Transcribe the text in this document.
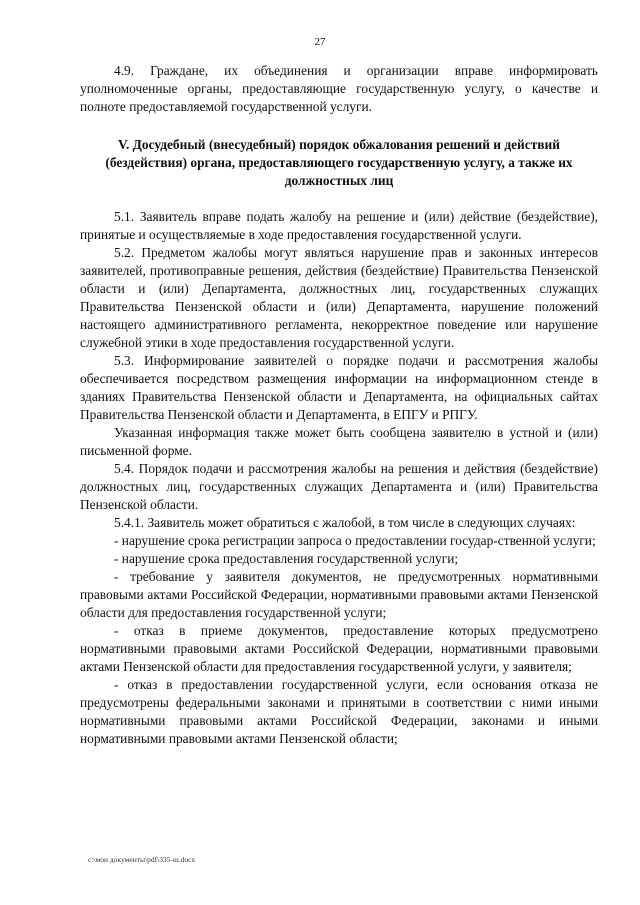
27

4.9. Граждане, их объединения и организации вправе информировать уполномоченные органы, предоставляющие государственную услугу, о качестве и полноте предоставляемой государственной услуги.

V. Досудебный (внесудебный) порядок обжалования решений и действий (бездействия) органа, предоставляющего государственную услугу, а также их должностных лиц

5.1. Заявитель вправе подать жалобу на решение и (или) действие (бездействие), принятые и осуществляемые в ходе предоставления государственной услуги.

5.2. Предметом жалобы могут являться нарушение прав и законных интересов заявителей, противоправные решения, действия (бездействие) Правительства Пензенской области и (или) Департамента, должностных лиц, государственных служащих Правительства Пензенской области и (или) Департамента, нарушение положений настоящего административного регламента, некорректное поведение или нарушение служебной этики в ходе предоставления государственной услуги.

5.3. Информирование заявителей о порядке подачи и рассмотрения жалобы обеспечивается посредством размещения информации на информационном стенде в зданиях Правительства Пензенской области и Департамента, на официальных сайтах Правительства Пензенской области и Департамента, в ЕПГУ и РПГУ.

Указанная информация также может быть сообщена заявителю в устной и (или) письменной форме.

5.4. Порядок подачи и рассмотрения жалобы на решения и действия (бездействие) должностных лиц, государственных служащих Департамента и (или) Правительства Пензенской области.

5.4.1. Заявитель может обратиться с жалобой, в том числе в следующих случаях:

- нарушение срока регистрации запроса о предоставлении государ-ственной услуги;

- нарушение срока предоставления государственной услуги;

- требование у заявителя документов, не предусмотренных нормативными правовыми актами Российской Федерации, нормативными правовыми актами Пензенской области для предоставления государственной услуги;

- отказ в приеме документов, предоставление которых предусмотрено нормативными правовыми актами Российской Федерации, нормативными правовыми актами Пензенской области для предоставления государственной услуги, у заявителя;

- отказ в предоставлении государственной услуги, если основания отказа не предусмотрены федеральными законами и принятыми в соответствии с ними иными нормативными правовыми актами Российской Федерации, законами и иными нормативными правовыми актами Пензенской области;

c:\мои документы\pdf\335-ш.docx
